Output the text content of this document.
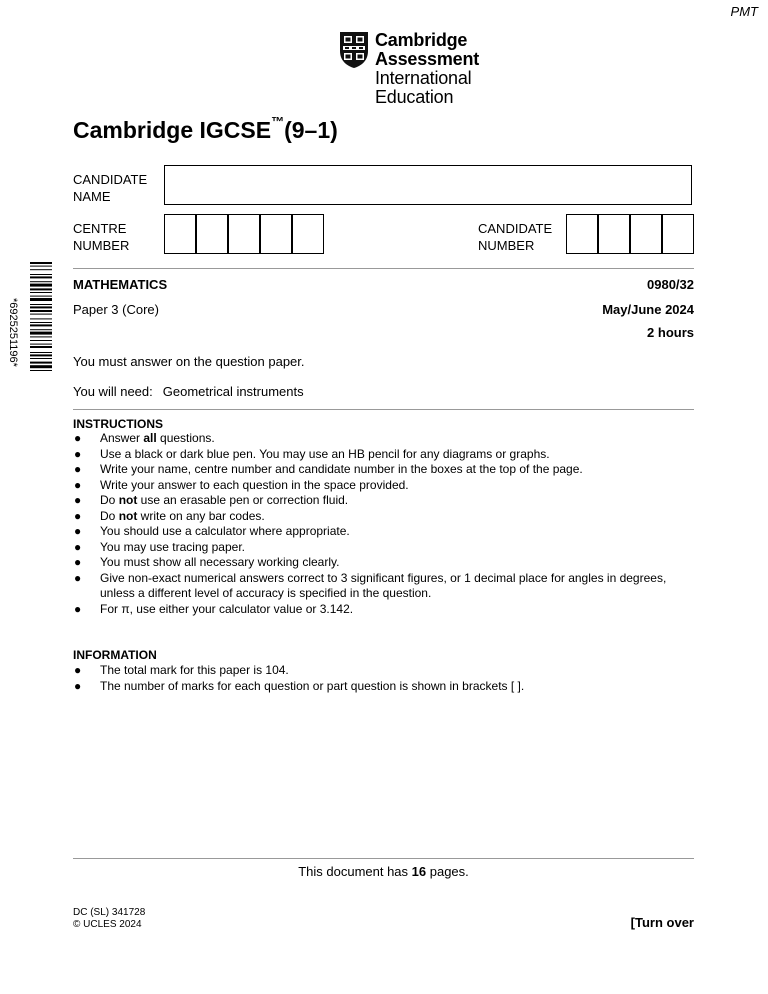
PMT
Cambridge Assessment
International Education
Cambridge IGCSE™(9–1)
CANDIDATE
NAME
CENTRE
NUMBER
CANDIDATE
NUMBER
*6925251196*
MATHEMATICS	0980/32
Paper 3 (Core)	May/June 2024
2 hours
You must answer on the question paper.
You will need: Geometrical instruments
INSTRUCTIONS
● Answer all questions.
● Use a black or dark blue pen. You may use an HB pencil for any diagrams or graphs.
● Write your name, centre number and candidate number in the boxes at the top of the page.
● Write your answer to each question in the space provided.
● Do not use an erasable pen or correction fluid.
● Do not write on any bar codes.
● You should use a calculator where appropriate.
● You may use tracing paper.
● You must show all necessary working clearly.
● Give non-exact numerical answers correct to 3 significant figures, or 1 decimal place for angles in degrees, unless a different level of accuracy is specified in the question.
● For π, use either your calculator value or 3.142.
INFORMATION
● The total mark for this paper is 104.
● The number of marks for each question or part question is shown in brackets [ ].
This document has 16 pages.
DC (SL) 341728
© UCLES 2024	[Turn over
